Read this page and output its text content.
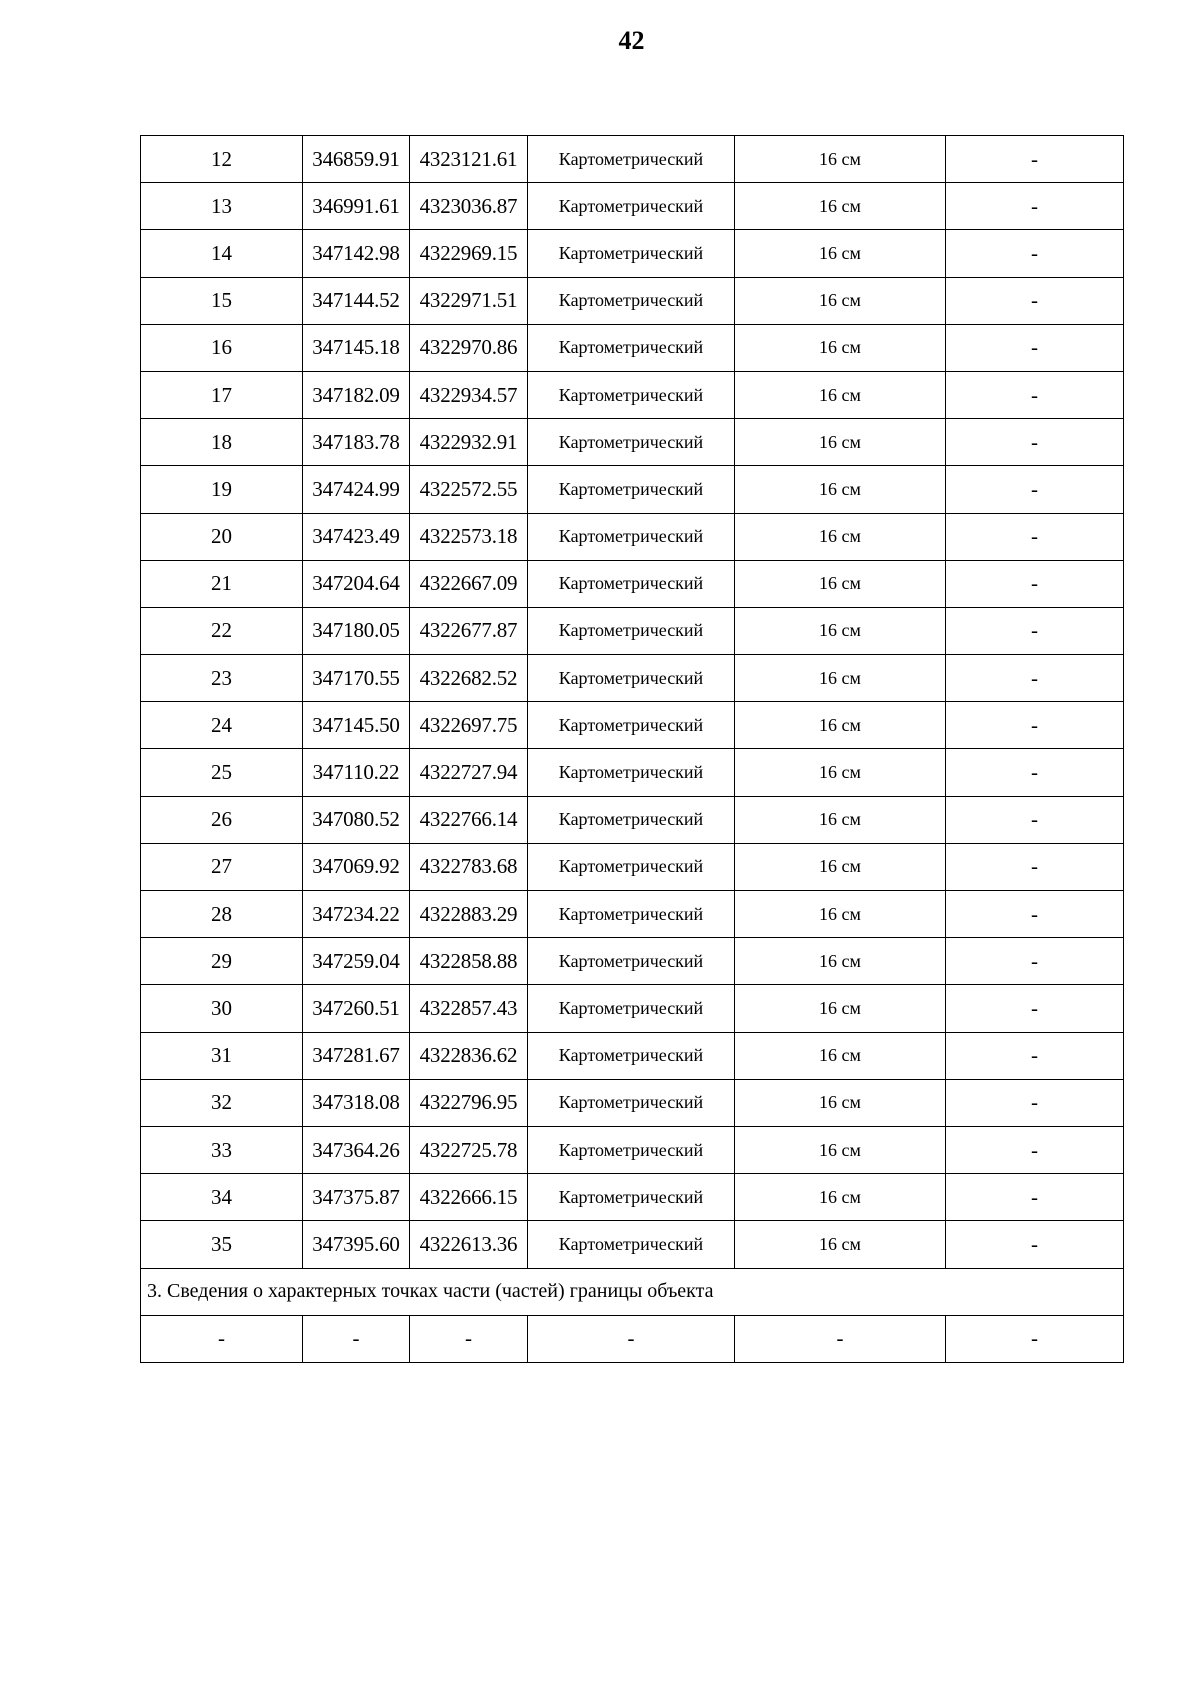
42
12	346859.91	4323121.61	Картометрический	16 см	-
13	346991.61	4323036.87	Картометрический	16 см	-
14	347142.98	4322969.15	Картометрический	16 см	-
15	347144.52	4322971.51	Картометрический	16 см	-
16	347145.18	4322970.86	Картометрический	16 см	-
17	347182.09	4322934.57	Картометрический	16 см	-
18	347183.78	4322932.91	Картометрический	16 см	-
19	347424.99	4322572.55	Картометрический	16 см	-
20	347423.49	4322573.18	Картометрический	16 см	-
21	347204.64	4322667.09	Картометрический	16 см	-
22	347180.05	4322677.87	Картометрический	16 см	-
23	347170.55	4322682.52	Картометрический	16 см	-
24	347145.50	4322697.75	Картометрический	16 см	-
25	347110.22	4322727.94	Картометрический	16 см	-
26	347080.52	4322766.14	Картометрический	16 см	-
27	347069.92	4322783.68	Картометрический	16 см	-
28	347234.22	4322883.29	Картометрический	16 см	-
29	347259.04	4322858.88	Картометрический	16 см	-
30	347260.51	4322857.43	Картометрический	16 см	-
31	347281.67	4322836.62	Картометрический	16 см	-
32	347318.08	4322796.95	Картометрический	16 см	-
33	347364.26	4322725.78	Картометрический	16 см	-
34	347375.87	4322666.15	Картометрический	16 см	-
35	347395.60	4322613.36	Картометрический	16 см	-
3. Сведения о характерных точках части (частей) границы объекта					
-	-	-	-	-	-
